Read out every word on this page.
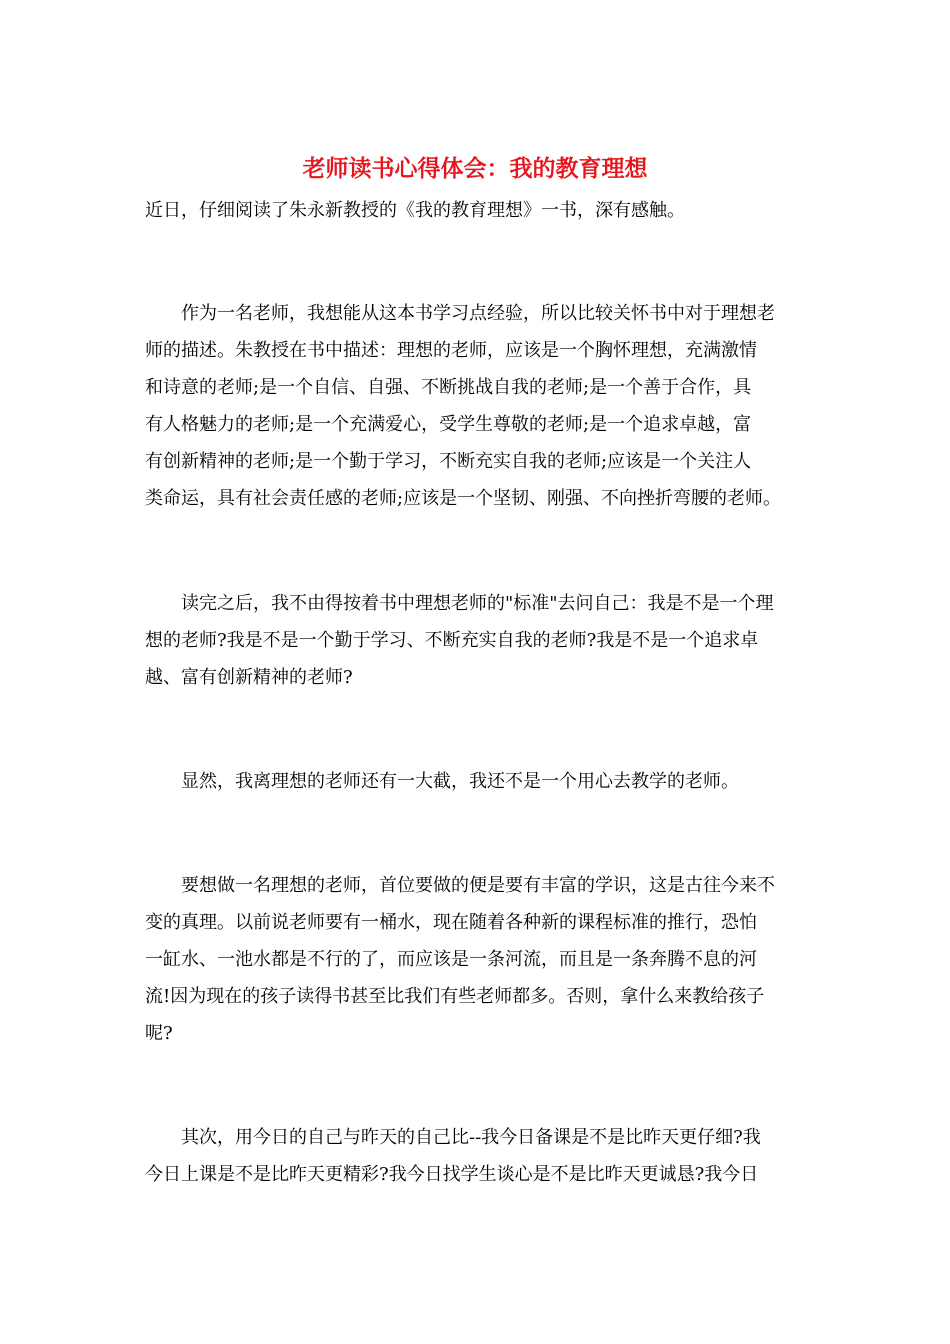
老师读书心得体会：我的教育理想
近日，仔细阅读了朱永新教授的《我的教育理想》一书，深有感触。
　　作为一名老师，我想能从这本书学习点经验，所以比较关怀书中对于理想老
师的描述。朱教授在书中描述：理想的老师，应该是一个胸怀理想，充满激情
和诗意的老师;是一个自信、自强、不断挑战自我的老师;是一个善于合作，具
有人格魅力的老师;是一个充满爱心，受学生尊敬的老师;是一个追求卓越，富
有创新精神的老师;是一个勤于学习，不断充实自我的老师;应该是一个关注人
类命运，具有社会责任感的老师;应该是一个坚韧、刚强、不向挫折弯腰的老师。
　　读完之后，我不由得按着书中理想老师的"标准"去问自己：我是不是一个理
想的老师?我是不是一个勤于学习、不断充实自我的老师?我是不是一个追求卓
越、富有创新精神的老师?
　　显然，我离理想的老师还有一大截，我还不是一个用心去教学的老师。
　　要想做一名理想的老师，首位要做的便是要有丰富的学识，这是古往今来不
变的真理。以前说老师要有一桶水，现在随着各种新的课程标准的推行，恐怕
一缸水、一池水都是不行的了，而应该是一条河流，而且是一条奔腾不息的河
流!因为现在的孩子读得书甚至比我们有些老师都多。否则，拿什么来教给孩子
呢?
　　其次，用今日的自己与昨天的自己比--我今日备课是不是比昨天更仔细?我
今日上课是不是比昨天更精彩?我今日找学生谈心是不是比昨天更诚恳?我今日
